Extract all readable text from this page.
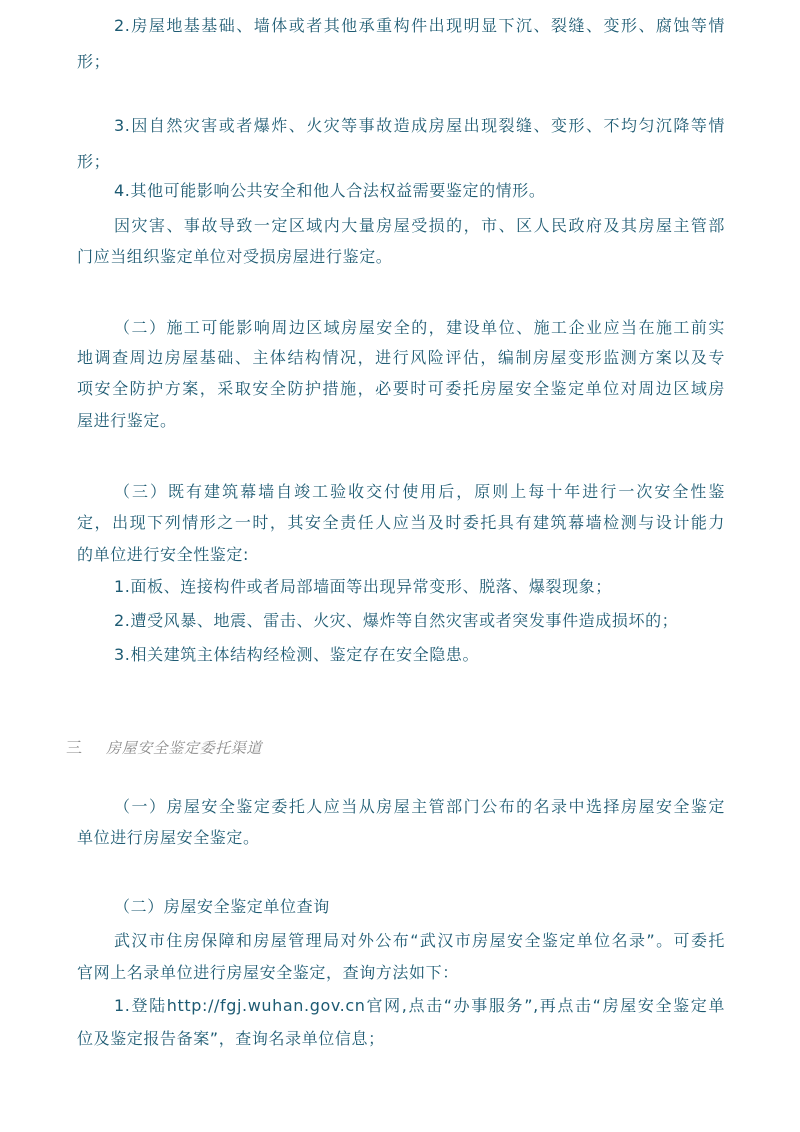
2.房屋地基基础、墙体或者其他承重构件出现明显下沉、裂缝、变形、腐蚀等情
形；
3.因自然灾害或者爆炸、火灾等事故造成房屋出现裂缝、变形、不均匀沉降等情
形；
4.其他可能影响公共安全和他人合法权益需要鉴定的情形。
因灾害、事故导致一定区域内大量房屋受损的，市、区人民政府及其房屋主管部
门应当组织鉴定单位对受损房屋进行鉴定。
（二）施工可能影响周边区域房屋安全的，建设单位、施工企业应当在施工前实
地调查周边房屋基础、主体结构情况，进行风险评估，编制房屋变形监测方案以及专
项安全防护方案，采取安全防护措施，必要时可委托房屋安全鉴定单位对周边区域房
屋进行鉴定。
（三）既有建筑幕墙自竣工验收交付使用后，原则上每十年进行一次安全性鉴
定，出现下列情形之一时，其安全责任人应当及时委托具有建筑幕墙检测与设计能力
的单位进行安全性鉴定:
1.面板、连接构件或者局部墙面等出现异常变形、脱落、爆裂现象；
2.遭受风暴、地震、雷击、火灾、爆炸等自然灾害或者突发事件造成损坏的；
3.相关建筑主体结构经检测、鉴定存在安全隐患。
三 房屋安全鉴定委托渠道
（一）房屋安全鉴定委托人应当从房屋主管部门公布的名录中选择房屋安全鉴定
单位进行房屋安全鉴定。
（二）房屋安全鉴定单位查询
武汉市住房保障和房屋管理局对外公布“武汉市房屋安全鉴定单位名录”。可委托
官网上名录单位进行房屋安全鉴定，查询方法如下：
1.登陆http://fgj.wuhan.gov.cn官网,点击“办事服务”,再点击“房屋安全鉴定单
位及鉴定报告备案”，查询名录单位信息；
